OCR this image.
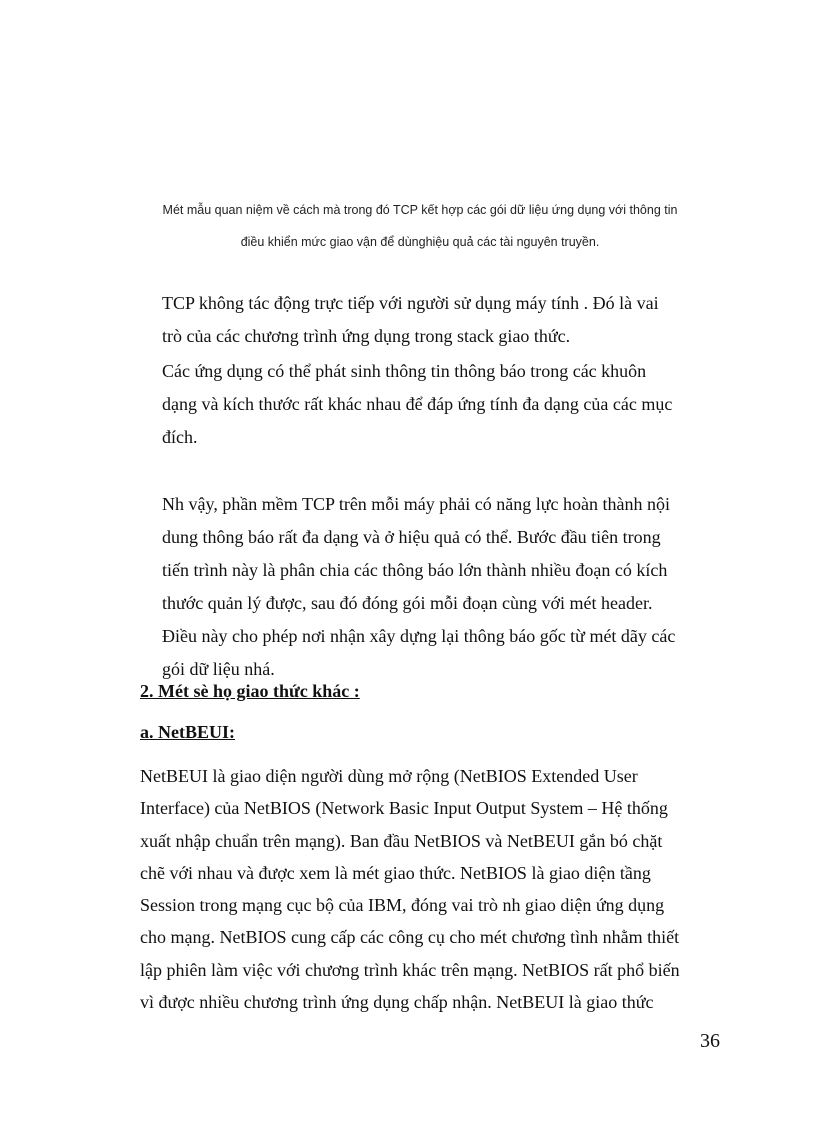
Mét mẫu quan niệm về cách mà trong đó TCP kết hợp các gói dữ liệu ứng dụng với thông tin
điều khiển mức giao vận để dùnghiệu quả các tài nguyên truyền.
TCP không tác động trực tiếp với người sử dụng máy tính . Đó là vai
trò của các chương trình ứng dụng trong stack giao thức.
Các ứng dụng có thể phát sinh thông tin thông báo trong các khuôn
dạng và kích thước rất khác nhau để đáp ứng tính đa dạng của các mục
đích.
Nh vậy, phần mềm TCP trên mỗi máy phải có năng lực hoàn thành nội
dung thông báo rất đa dạng và ở hiệu quả có thể. Bước đầu tiên trong
tiến trình này là phân chia các thông báo lớn thành nhiều đoạn có kích
thước quản lý được, sau đó đóng gói mỗi đoạn cùng với mét header.
Điều này cho phép nơi nhận xây dựng lại thông báo gốc từ mét dãy các
gói dữ liệu nhá.
2. Mét sè họ giao thức khác :
a. NetBEUI:
NetBEUI là giao diện người dùng mở rộng (NetBIOS Extended User
Interface) của NetBIOS (Network Basic Input Output System – Hệ thống
xuất nhập chuẩn trên mạng). Ban đầu NetBIOS và NetBEUI gắn bó chặt
chẽ với nhau và được xem là mét giao thức. NetBIOS là giao diện tầng
Session trong mạng cục bộ của IBM, đóng vai trò nh giao diện ứng dụng
cho mạng. NetBIOS cung cấp các công cụ cho mét chương tình nhằm thiết
lập phiên làm việc với chương trình khác trên mạng. NetBIOS rất phổ biến
vì được nhiều chương trình ứng dụng chấp nhận. NetBEUI là giao thức
36
